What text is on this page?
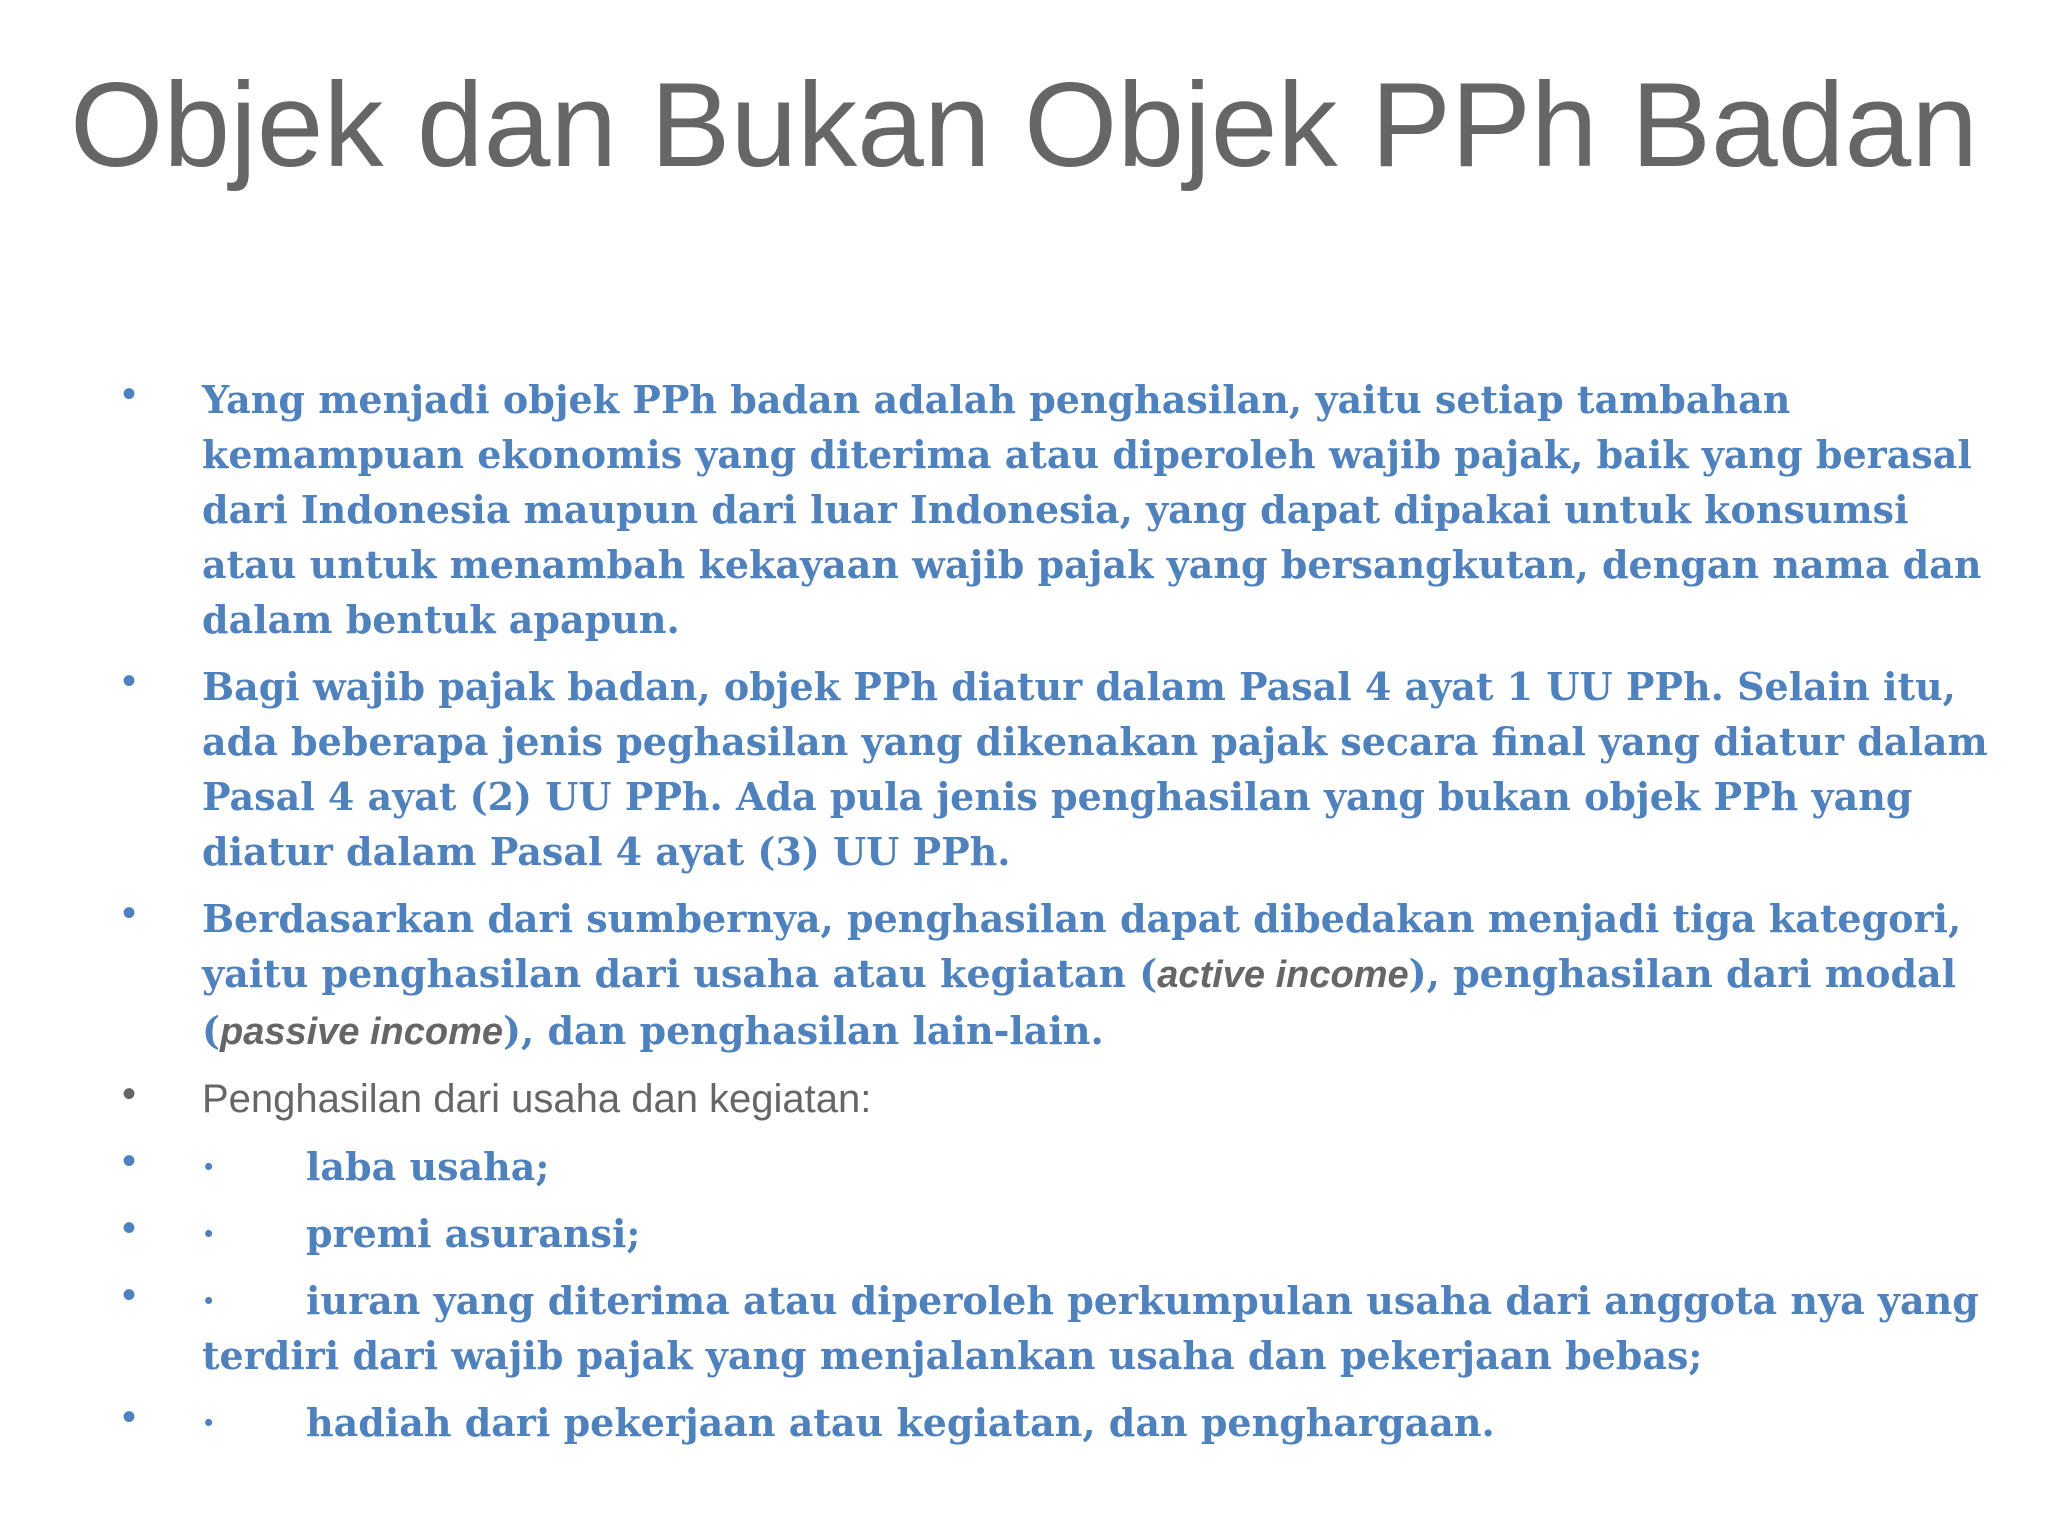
Objek dan Bukan Objek PPh Badan
• Yang menjadi objek PPh badan adalah penghasilan, yaitu setiap tambahan kemampuan ekonomis yang diterima atau diperoleh wajib pajak, baik yang berasal dari Indonesia maupun dari luar Indonesia, yang dapat dipakai untuk konsumsi atau untuk menambah kekayaan wajib pajak yang bersangkutan, dengan nama dan dalam bentuk apapun.
• Bagi wajib pajak badan, objek PPh diatur dalam Pasal 4 ayat 1 UU PPh. Selain itu, ada beberapa jenis peghasilan yang dikenakan pajak secara final yang diatur dalam Pasal 4 ayat (2) UU PPh. Ada pula jenis penghasilan yang bukan objek PPh yang diatur dalam Pasal 4 ayat (3) UU PPh.
• Berdasarkan dari sumbernya, penghasilan dapat dibedakan menjadi tiga kategori, yaitu penghasilan dari usaha atau kegiatan (active income), penghasilan dari modal (passive income), dan penghasilan lain-lain.
• Penghasilan dari usaha dan kegiatan:
• · laba usaha;
• · premi asuransi;
• · iuran yang diterima atau diperoleh perkumpulan usaha dari anggota nya yang terdiri dari wajib pajak yang menjalankan usaha dan pekerjaan bebas;
• · hadiah dari pekerjaan atau kegiatan, dan penghargaan.
